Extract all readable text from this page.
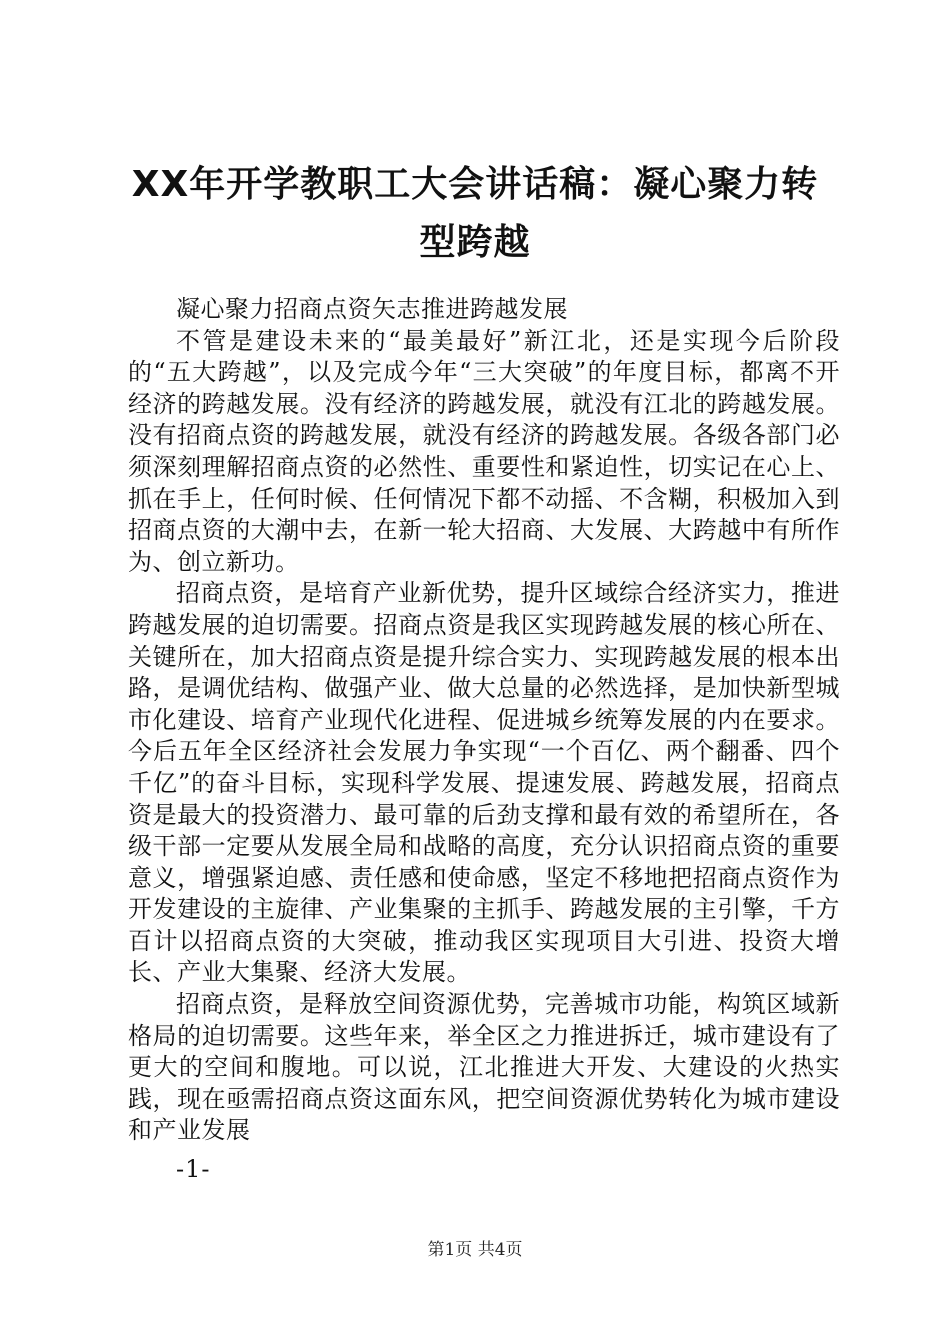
XX年开学教职工大会讲话稿：凝心聚力转型跨越

凝心聚力招商点资矢志推进跨越发展

不管是建设未来的“最美最好”新江北，还是实现今后阶段的“五大跨越”，以及完成今年“三大突破”的年度目标，都离不开经济的跨越发展。没有经济的跨越发展，就没有江北的跨越发展。没有招商点资的跨越发展，就没有经济的跨越发展。各级各部门必须深刻理解招商点资的必然性、重要性和紧迫性，切实记在心上、抓在手上，任何时候、任何情况下都不动摇、不含糊，积极加入到招商点资的大潮中去，在新一轮大招商、大发展、大跨越中有所作为、创立新功。

招商点资，是培育产业新优势，提升区域综合经济实力，推进跨越发展的迫切需要。招商点资是我区实现跨越发展的核心所在、关键所在，加大招商点资是提升综合实力、实现跨越发展的根本出路，是调优结构、做强产业、做大总量的必然选择，是加快新型城市化建设、培育产业现代化进程、促进城乡统筹发展的内在要求。今后五年全区经济社会发展力争实现“一个百亿、两个翻番、四个千亿”的奋斗目标，实现科学发展、提速发展、跨越发展，招商点资是最大的投资潜力、最可靠的后劲支撑和最有效的希望所在，各级干部一定要从发展全局和战略的高度，充分认识招商点资的重要意义，增强紧迫感、责任感和使命感，坚定不移地把招商点资作为开发建设的主旋律、产业集聚的主抓手、跨越发展的主引擎，千方百计以招商点资的大突破，推动我区实现项目大引进、投资大增长、产业大集聚、经济大发展。

招商点资，是释放空间资源优势，完善城市功能，构筑区域新格局的迫切需要。这些年来，举全区之力推进拆迁，城市建设有了更大的空间和腹地。可以说，江北推进大开发、大建设的火热实践，现在亟需招商点资这面东风，把空间资源优势转化为城市建设和产业发展

-1-
第1页 共4页
